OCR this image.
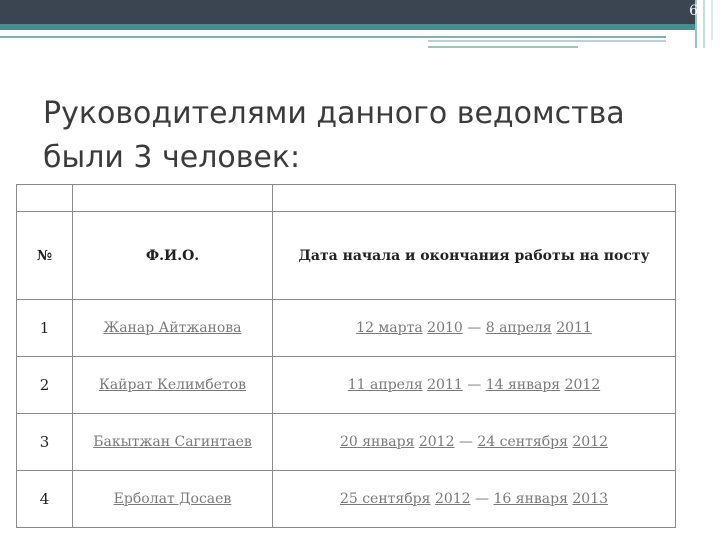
6
Руководителями данного ведомства
были 3 человек:

№	Ф.И.О.	Дата начала и окончания работы на посту
1	Жанар Айтжанова	12 марта 2010 — 8 апреля 2011
2	Кайрат Келимбетов	11 апреля 2011 — 14 января 2012
3	Бакытжан Сагинтаев	20 января 2012 — 24 сентября 2012
4	Ерболат Досаев	25 сентября 2012 — 16 января 2013
